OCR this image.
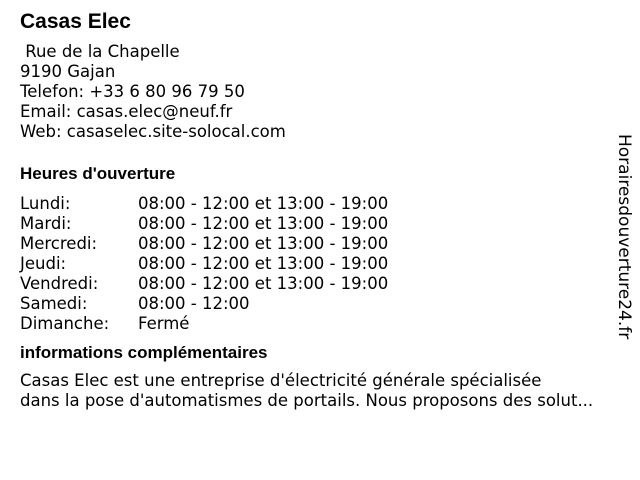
Casas Elec
Rue de la Chapelle
9190 Gajan
Telefon: +33 6 80 96 79 50
Email: casas.elec@neuf.fr
Web: casaselec.site-solocal.com
Heures d'ouverture
Lundi:	08:00 - 12:00 et 13:00 - 19:00
Mardi:	08:00 - 12:00 et 13:00 - 19:00
Mercredi:	08:00 - 12:00 et 13:00 - 19:00
Jeudi:	08:00 - 12:00 et 13:00 - 19:00
Vendredi:	08:00 - 12:00 et 13:00 - 19:00
Samedi:	08:00 - 12:00
Dimanche:	Fermé
informations complémentaires
Casas Elec est une entreprise d'électricité générale spécialisée
dans la pose d'automatismes de portails. Nous proposons des solut...
Horairesdouverture24.fr
